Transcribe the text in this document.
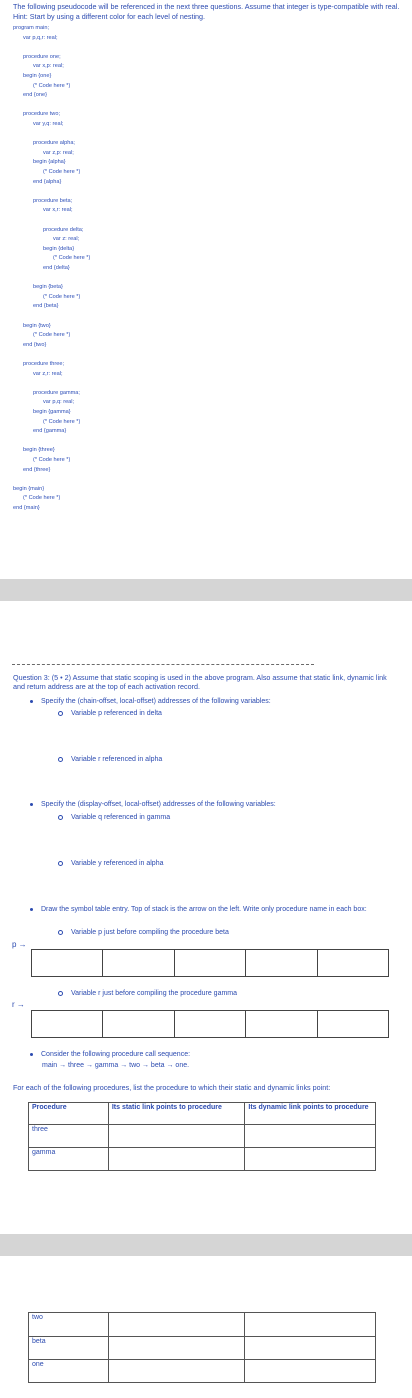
The following pseudocode will be referenced in the next three questions. Assume that integer is type-compatible with real. Hint: Start by using a different color for each level of nesting.
program main;
var p,q,r: real;
procedure one;
var x,p: real;
begin {one}
(* Code here *)
end {one}
procedure two;
var y,q: real;
procedure alpha;
var z,p: real;
begin {alpha}
(* Code here *)
end {alpha}
procedure beta;
var x,r: real;
procedure delta;
var z: real;
begin {delta}
(* Code here *)
end {delta}
begin {beta}
(* Code here *)
end {beta}
begin {two}
(* Code here *)
end {two}
procedure three;
var z,r: real;
procedure gamma;
var p,q: real;
begin {gamma}
(* Code here *)
end {gamma}
begin {three}
(* Code here *)
end {three}
begin {main}
(* Code here *)
end {main}
Question 3: (5 • 2) Assume that static scoping is used in the above program. Also assume that static link, dynamic link and return address are at the top of each activation record.
Specify the (chain-offset, local-offset) addresses of the following variables:
Variable p referenced in delta
Variable r referenced in alpha
Specify the (display-offset, local-offset) addresses of the following variables:
Variable q referenced in gamma
Variable y referenced in alpha
Draw the symbol table entry. Top of stack is the arrow on the left. Write only procedure name in each box:
Variable p just before compiling the procedure beta
p →
Variable r just before compiling the procedure gamma
r →
Consider the following procedure call sequence:
main → three → gamma → two → beta → one.
For each of the following procedures, list the procedure to which their static and dynamic links point:
Procedure	Its static link points to procedure	Its dynamic link points to procedure
three		
gamma		
two		
beta		
one		
